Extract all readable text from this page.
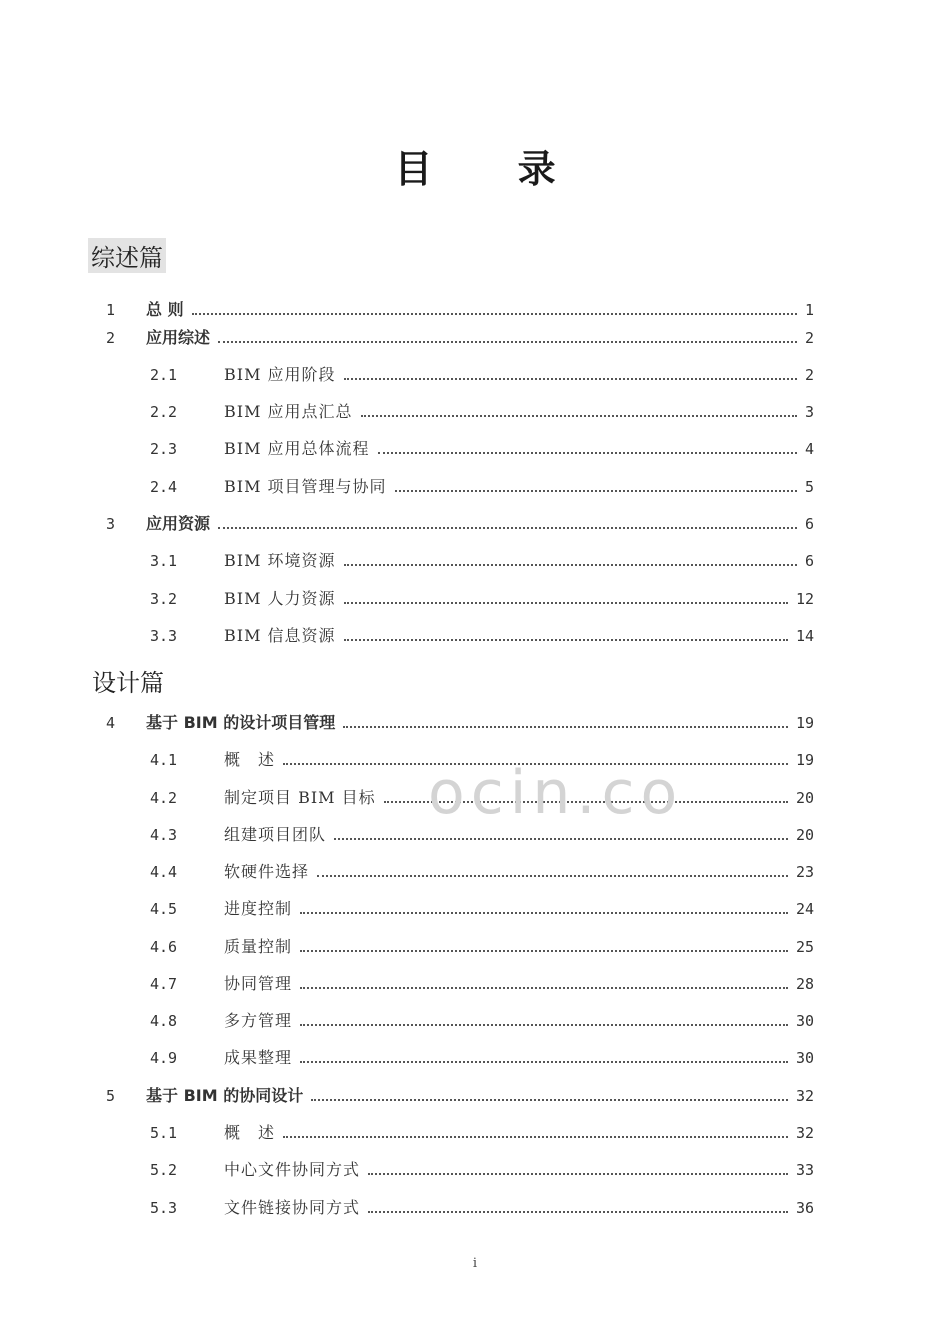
目 录
综述篇
设计篇
1 总 则	1
2 应用综述	2
2.1	BIM 应用阶段	2
2.2	BIM 应用点汇总	3
2.3	BIM 应用总体流程	4
2.4	BIM 项目管理与协同	5
3 应用资源	6
3.1	BIM 环境资源	6
3.2	BIM 人力资源	12
3.3	BIM 信息资源	14
4 基于 BIM 的设计项目管理	19
4.1	概　述	19
4.2	制定项目 BIM 目标	20
4.3	组建项目团队	20
4.4	软硬件选择	23
4.5	进度控制	24
4.6	质量控制	25
4.7	协同管理	28
4.8	多方管理	30
4.9	成果整理	30
5 基于 BIM 的协同设计	32
5.1	概　述	32
5.2	中心文件协同方式	33
5.3	文件链接协同方式	36
ocin.co
i
